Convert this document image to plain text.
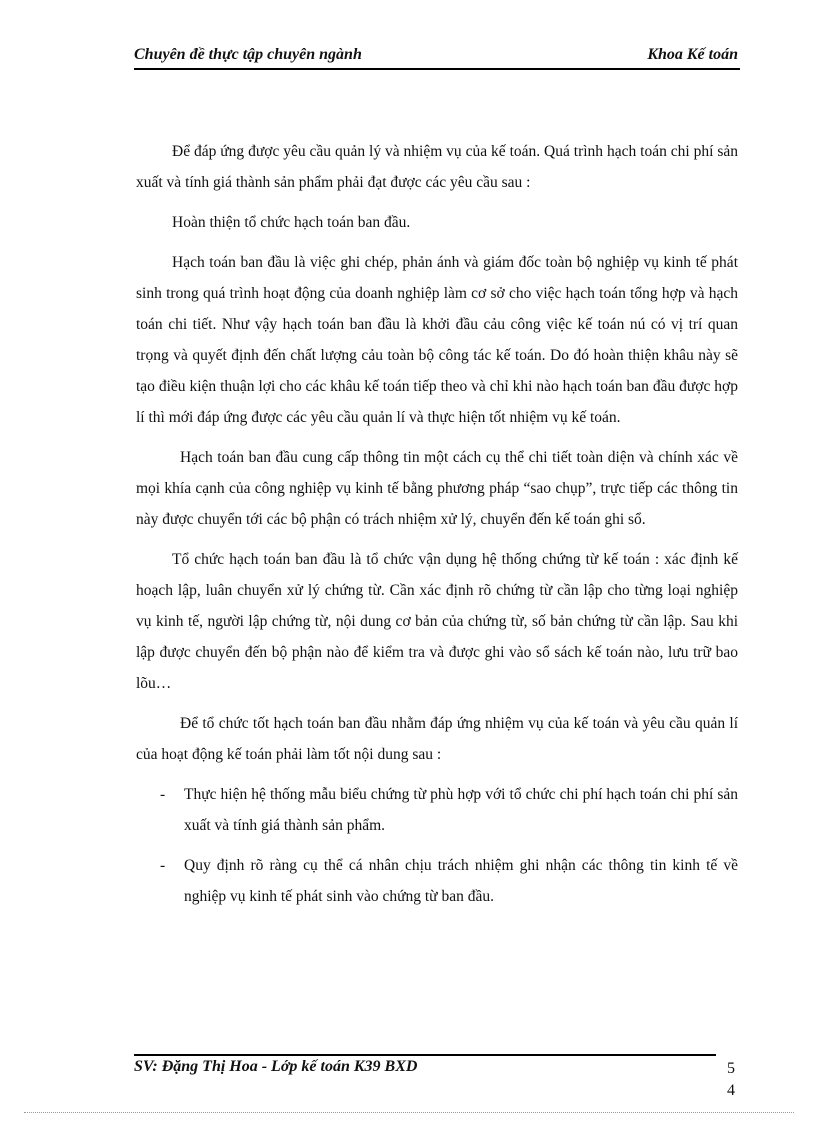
Chuyên đề thực tập chuyên ngành	Khoa Kế toán

Để đáp ứng được yêu cầu quản lý và nhiệm vụ của kế toán. Quá trình hạch toán chi phí sản xuất và tính giá thành sản phẩm phải đạt được các yêu cầu sau :

Hoàn thiện tổ chức hạch toán ban đầu.

Hạch toán ban đầu là việc ghi chép, phản ánh và giám đốc toàn bộ nghiệp vụ kinh tế phát sinh trong quá trình hoạt động của doanh nghiệp làm cơ sở cho việc hạch toán tổng hợp và hạch toán chi tiết. Như vậy hạch toán ban đầu là khởi đầu cảu công việc kế toán nú có vị trí quan trọng và quyết định đến chất lượng cảu toàn bộ công tác kế toán. Do đó hoàn thiện khâu này sẽ tạo điều kiện thuận lợi cho các khâu kế toán tiếp theo và chỉ khi nào hạch toán ban đầu được hợp lí thì mới đáp ứng được các yêu cầu quản lí và thực hiện tốt nhiệm vụ kế toán.

Hạch toán ban đầu cung cấp thông tin một cách cụ thể chi tiết toàn diện và chính xác về mọi khía cạnh của công nghiệp vụ kinh tế bằng phương pháp “sao chụp”, trực tiếp các thông tin này được chuyển tới các bộ phận có trách nhiệm xử lý, chuyển đến kế toán ghi sổ.

Tổ chức hạch toán ban đầu là tổ chức vận dụng hệ thống chứng từ kế toán : xác định kế hoạch lập, luân chuyển xử lý chứng từ. Cần xác định rõ chứng từ cần lập cho từng loại nghiệp vụ kinh tế, người lập chứng từ, nội dung cơ bản của chứng từ, số bản chứng từ cần lập. Sau khi lập được chuyển đến bộ phận nào để kiểm tra và được ghi vào sổ sách kế toán nào, lưu trữ bao lõu…

Để tổ chức tốt hạch toán ban đầu nhằm đáp ứng nhiệm vụ của kế toán và yêu cầu quản lí của hoạt động kế toán phải làm tốt nội dung sau :

- Thực hiện hệ thống mẫu biểu chứng từ phù hợp với tổ chức chi phí hạch toán chi phí sản xuất và tính giá thành sản phẩm.
- Quy định rõ ràng cụ thể cá nhân chịu trách nhiệm ghi nhận các thông tin kinh tế về nghiệp vụ kinh tế phát sinh vào chứng từ ban đầu.
SV: Đặng Thị Hoa - Lớp kế toán K39 BXD	5
4
